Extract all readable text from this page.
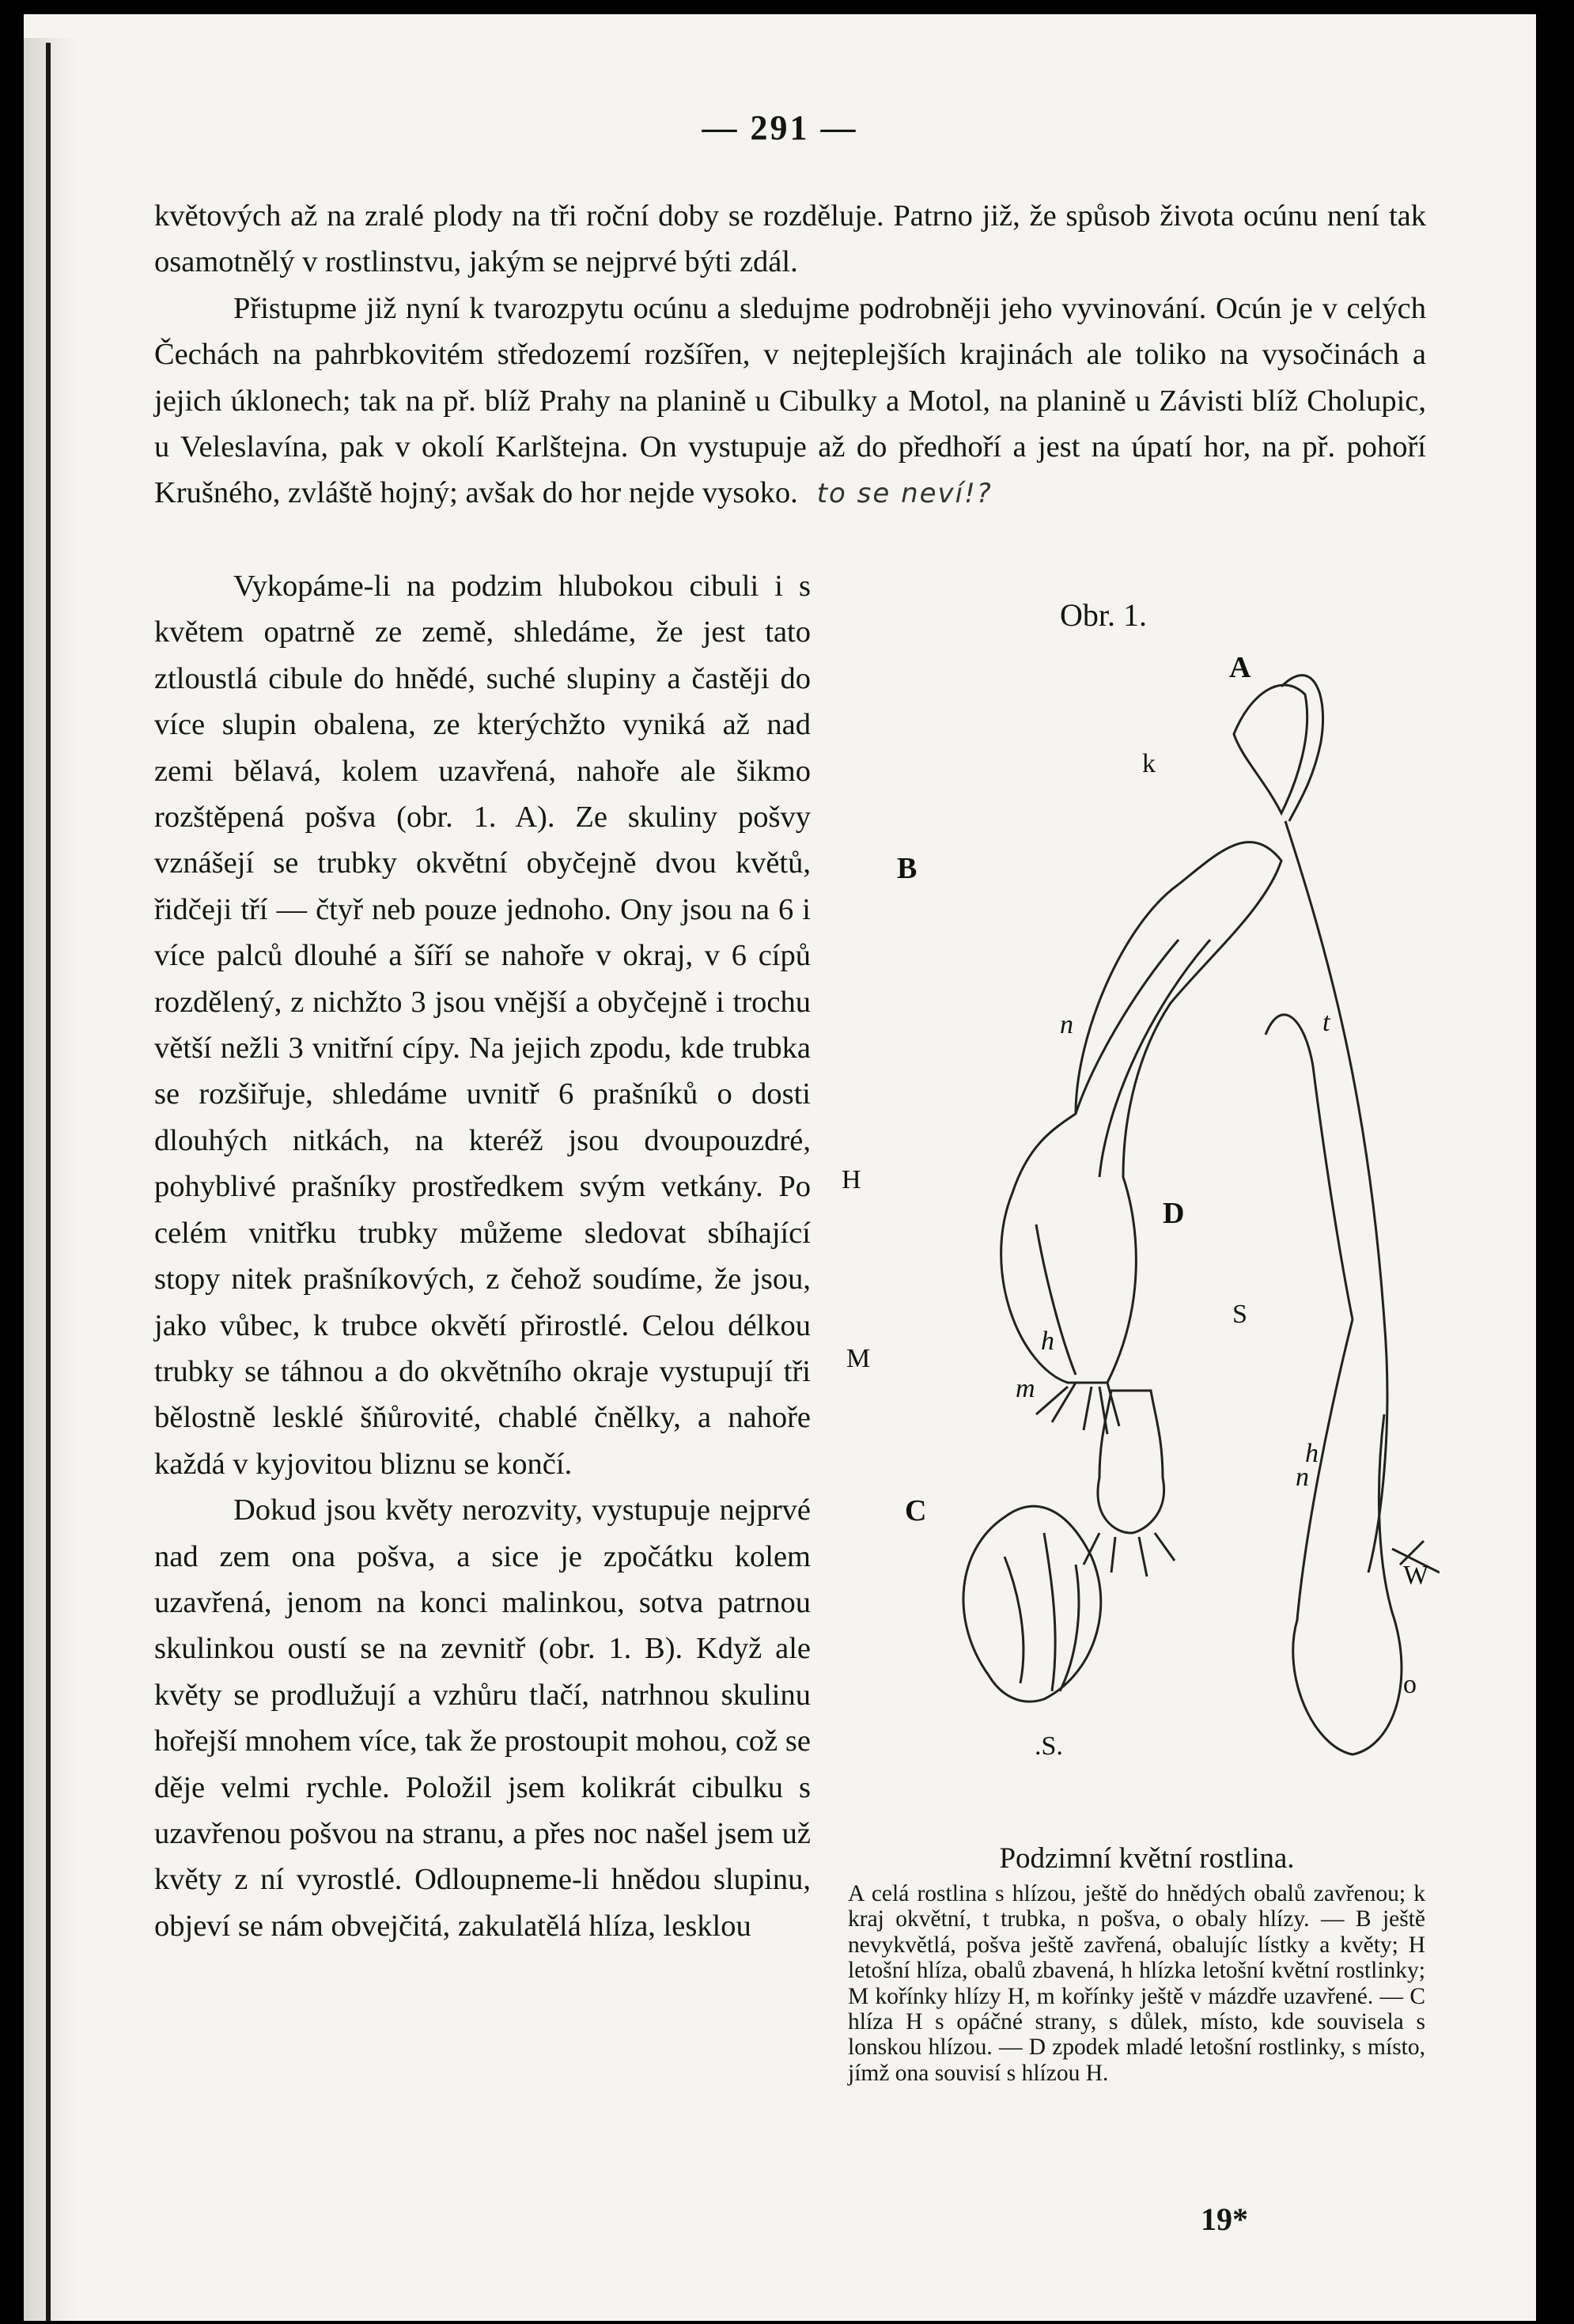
— 291 —

květových až na zralé plody na tři roční doby se rozděluje. Patrno již, že spůsob života ocúnu není tak osamotnělý v rostlinstvu, jakým se nejprvé býti zdál.

Přistupme již nyní k tvarozpytu ocúnu a sledujme podrobněji jeho vyvinování. Ocún je v celých Čechách na pahrbkovitém středozemí rozšířen, v nejteplejších krajinách ale toliko na vysočinách a jejich úklonech; tak na př. blíž Prahy na planině u Cibulky a Motol, na planině u Závisti blíž Cholupic, u Veleslavína, pak v okolí Karlštejna. On vystupuje až do předhoří a jest na úpatí hor, na př. pohoří Krušného, zvláště hojný; avšak do hor nejde vysoko. to se neví!?

Vykopáme-li na podzim hlubokou cibuli i s květem opatrně ze země, shledáme, že jest tato ztloustlá cibule do hnědé, suché slupiny a častěji do více slupin obalena, ze kterýchžto vyniká až nad zemi bělavá, kolem uzavřená, nahoře ale šikmo rozštěpená pošva (obr. 1. A). Ze skuliny pošvy vznášejí se trubky okvětní obyčejně dvou květů, řidčeji tří — čtyř neb pouze jednoho. Ony jsou na 6 i více palců dlouhé a šíří se nahoře v okraj, v 6 cípů rozdělený, z nichžto 3 jsou vnější a obyčejně i trochu větší nežli 3 vnitřní cípy. Na jejich zpodu, kde trubka se rozšiřuje, shledáme uvnitř 6 prašníků o dosti dlouhých nitkách, na kteréž jsou dvoupouzdré, pohyblivé prašníky prostředkem svým vetkány. Po celém vnitřku trubky můžeme sledovat sbíhající stopy nitek prašníkových, z čehož soudíme, že jsou, jako vůbec, k trubce okvětí přirostlé. Celou délkou trubky se táhnou a do okvětního okraje vystupují tři bělostně lesklé šňůrovité, chablé čnělky, a nahoře každá v kyjovitou bliznu se končí.

Dokud jsou květy nerozvity, vystupuje nejprvé nad zem ona pošva, a sice je zpočátku kolem uzavřená, jenom na konci malinkou, sotva patrnou skulinkou oustí se na zevnitř (obr. 1. B). Když ale květy se prodlužují a vzhůru tlačí, natrhnou skulinu hořejší mnohem více, tak že prostoupit mohou, což se děje velmi rychle. Položil jsem kolikrát cibulku s uzavřenou pošvou na stranu, a přes noc našel jsem už květy z ní vyrostlé. Odloupneme-li hnědou slupinu, objeví se nám obvejčitá, zakulatělá hlíza, lesklou

Obr. 1.
A
k
B
n	t
H
D
S
h
M
m
h
n
C
W
.S.
o
Podzimní květní rostlina.

A celá rostlina s hlízou, ještě do hnědých obalů zavřenou; k kraj okvětní, t trubka, n pošva, o obaly hlízy. — B ještě nevykvětlá, pošva ještě zavřená, obalujíc lístky a květy; H letošní hlíza, obalů zbavená, h hlízka letošní květní rostlinky; M kořínky hlízy H, m kořínky ještě v mázdře uzavřené. — C hlíza H s opáčné strany, s důlek, místo, kde souvisela s lonskou hlízou. — D zpodek mladé letošní rostlinky, s místo, jímž ona souvisí s hlízou H.

19*
